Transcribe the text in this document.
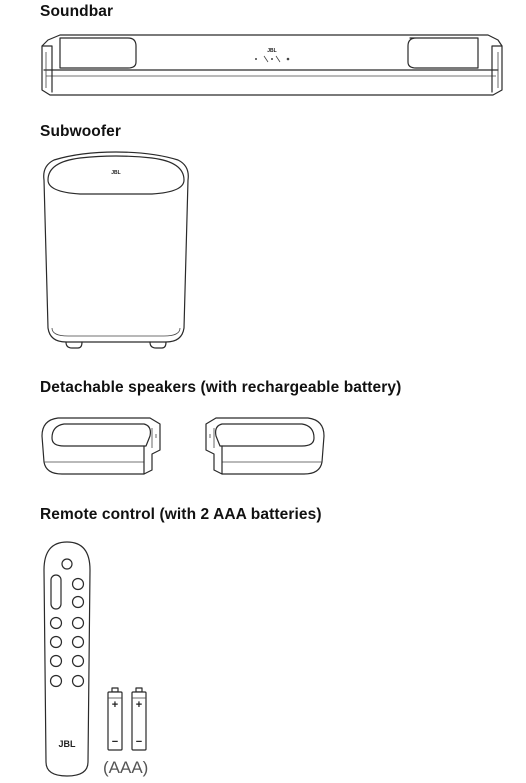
Soundbar
Subwoofer
Detachable speakers (with rechargeable battery)
Remote control (with 2 AAA batteries)
JBL
JBL
JBL
+
−
+
−
(AAA)
